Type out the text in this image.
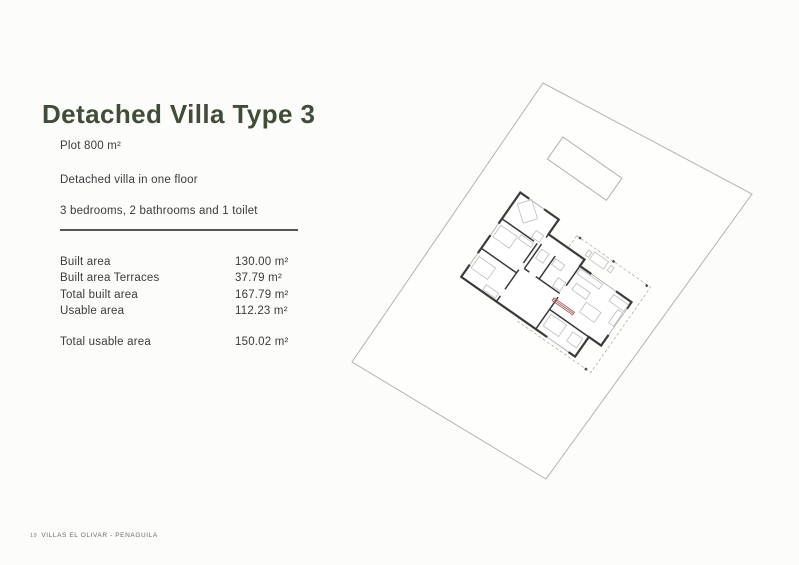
Detached Villa Type 3
Plot 800 m²
Detached villa in one floor
3 bedrooms, 2 bathrooms and 1 toilet
Built area	130.00 m²
Built area Terraces	37.79 m²
Total built area	167.79 m²
Usable area	112.23 m²
Total usable area	150.02 m²
19 VILLAS EL OLIVAR - PENAGUILA
